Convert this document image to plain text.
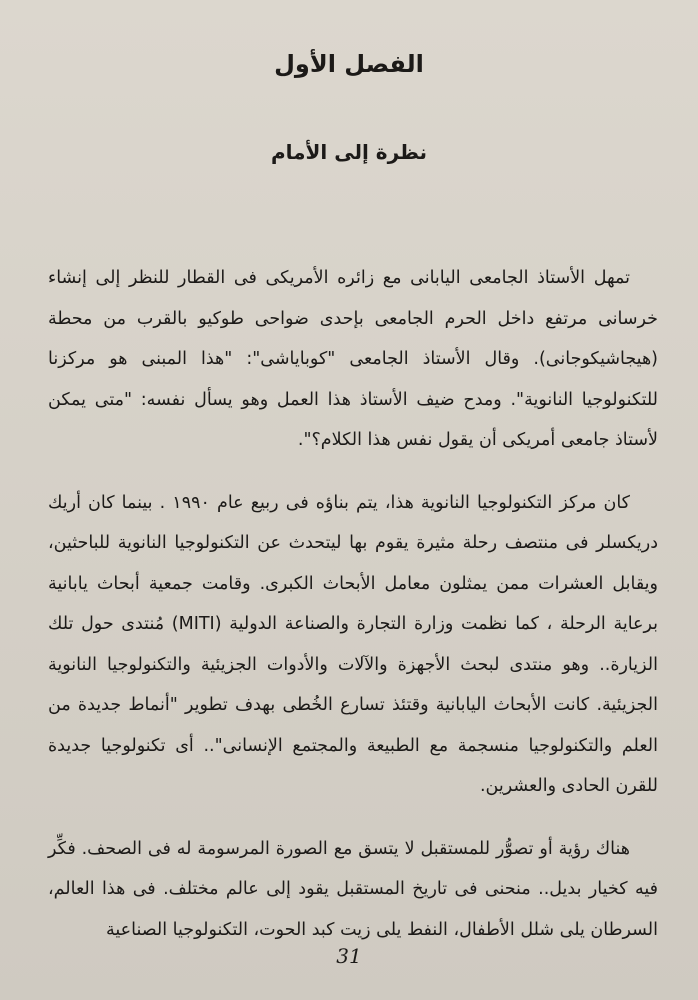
الفصل الأول
نظرة إلى الأمام

تمهل الأستاذ الجامعى اليابانى مع زائره الأمريكى فى القطار للنظر إلى إنشاء خرسانى مرتفع داخل الحرم الجامعى بإحدى ضواحى طوكيو بالقرب من محطة (هيجاشيكوجانى). وقال الأستاذ الجامعى "كوباياشى": "هذا المبنى هو مركزنا للتكنولوجيا النانوية". ومدح ضيف الأستاذ هذا العمل وهو يسأل نفسه: "متى يمكن لأستاذ جامعى أمريكى أن يقول نفس هذا الكلام؟".

كان مركز التكنولوجيا النانوية هذا، يتم بناؤه فى ربيع عام ١٩٩٠ . بينما كان أريك دريكسلر فى منتصف رحلة مثيرة يقوم بها ليتحدث عن التكنولوجيا النانوية للباحثين، ويقابل العشرات ممن يمثلون معامل الأبحاث الكبرى. وقامت جمعية أبحاث يابانية برعاية الرحلة ، كما نظمت وزارة التجارة والصناعة الدولية (MITI) مُنتدى حول تلك الزيارة.. وهو منتدى لبحث الأجهزة والآلات والأدوات الجزيئية والتكنولوجيا النانوية الجزيئية. كانت الأبحاث اليابانية وقتئذ تسارع الخُطى بهدف تطوير "أنماط جديدة من العلم والتكنولوجيا منسجمة مع الطبيعة والمجتمع الإنسانى".. أى تكنولوجيا جديدة للقرن الحادى والعشرين.

هناك رؤية أو تصوُّر للمستقبل لا يتسق مع الصورة المرسومة له فى الصحف. فكِّر فيه كخيار بديل.. منحنى فى تاريخ المستقبل يقود إلى عالم مختلف. فى هذا العالم، السرطان يلى شلل الأطفال، النفط يلى زيت كبد الحوت، التكنولوجيا الصناعية

31
